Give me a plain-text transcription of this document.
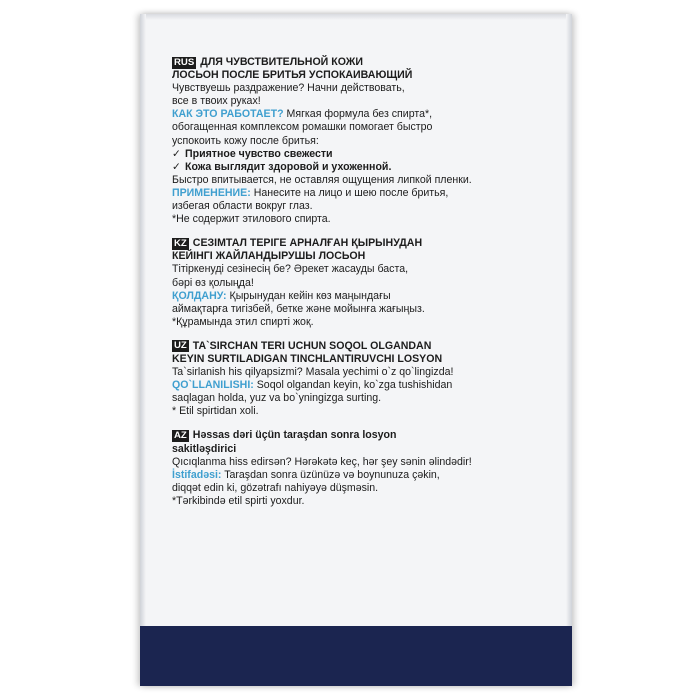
RUS ДЛЯ ЧУВСТВИТЕЛЬНОЙ КОЖИ
ЛОСЬОН ПОСЛЕ БРИТЬЯ УСПОКАИВАЮЩИЙ
Чувствуешь раздражение? Начни действовать,
все в твоих руках!
КАК ЭТО РАБОТАЕТ? Мягкая формула без спирта*,
обогащенная комплексом ромашки помогает быстро
успокоить кожу после бритья:
✓ Приятное чувство свежести
✓ Кожа выглядит здоровой и ухоженной.
Быстро впитывается, не оставляя ощущения липкой пленки.
ПРИМЕНЕНИЕ: Нанесите на лицо и шею после бритья,
избегая области вокруг глаз.
*Не содержит этилового спирта.
KZ СЕЗІМТАЛ ТЕРІГЕ АРНАЛҒАН ҚЫРЫНУДАН
КЕЙІНГІ ЖАЙЛАНДЫРУШЫ ЛОСЬОН
Тітіркенуді сезінесің бе? Әрекет жасауды баста,
бәрі өз қолыңда!
ҚОЛДАНУ: Қырынудан кейін көз маңындағы
аймақтарға тигізбей, бетке және мойынға жағыңыз.
*Құрамында этил спирті жоқ.
UZ TA`SIRCHAN TERI UCHUN SOQOL OLGANDAN
KEYIN SURTILADIGAN TINCHLANTIRUVCHI LOSYON
Ta`sirlanish his qilyapsizmi? Masala yechimi o`z qo`lingizda!
QO`LLANILISHI: Soqol olgandan keyin, ko`zga tushishidan
saqlagan holda, yuz va bo`yningizga surting.
* Etil spirtidan xoli.
AZ Həssas dəri üçün taraşdan sonra losyon
sakitləşdirici
Qıcıqlanma hiss edirsən? Hərəkətə keç, hər şey sənin əlindədir!
İstifadəsi: Taraşdan sonra üzünüzə və boynunuza çəkin,
diqqət edin ki, gözətrafı nahiyəyə düşməsin.
*Tərkibində etil spirti yoxdur.
